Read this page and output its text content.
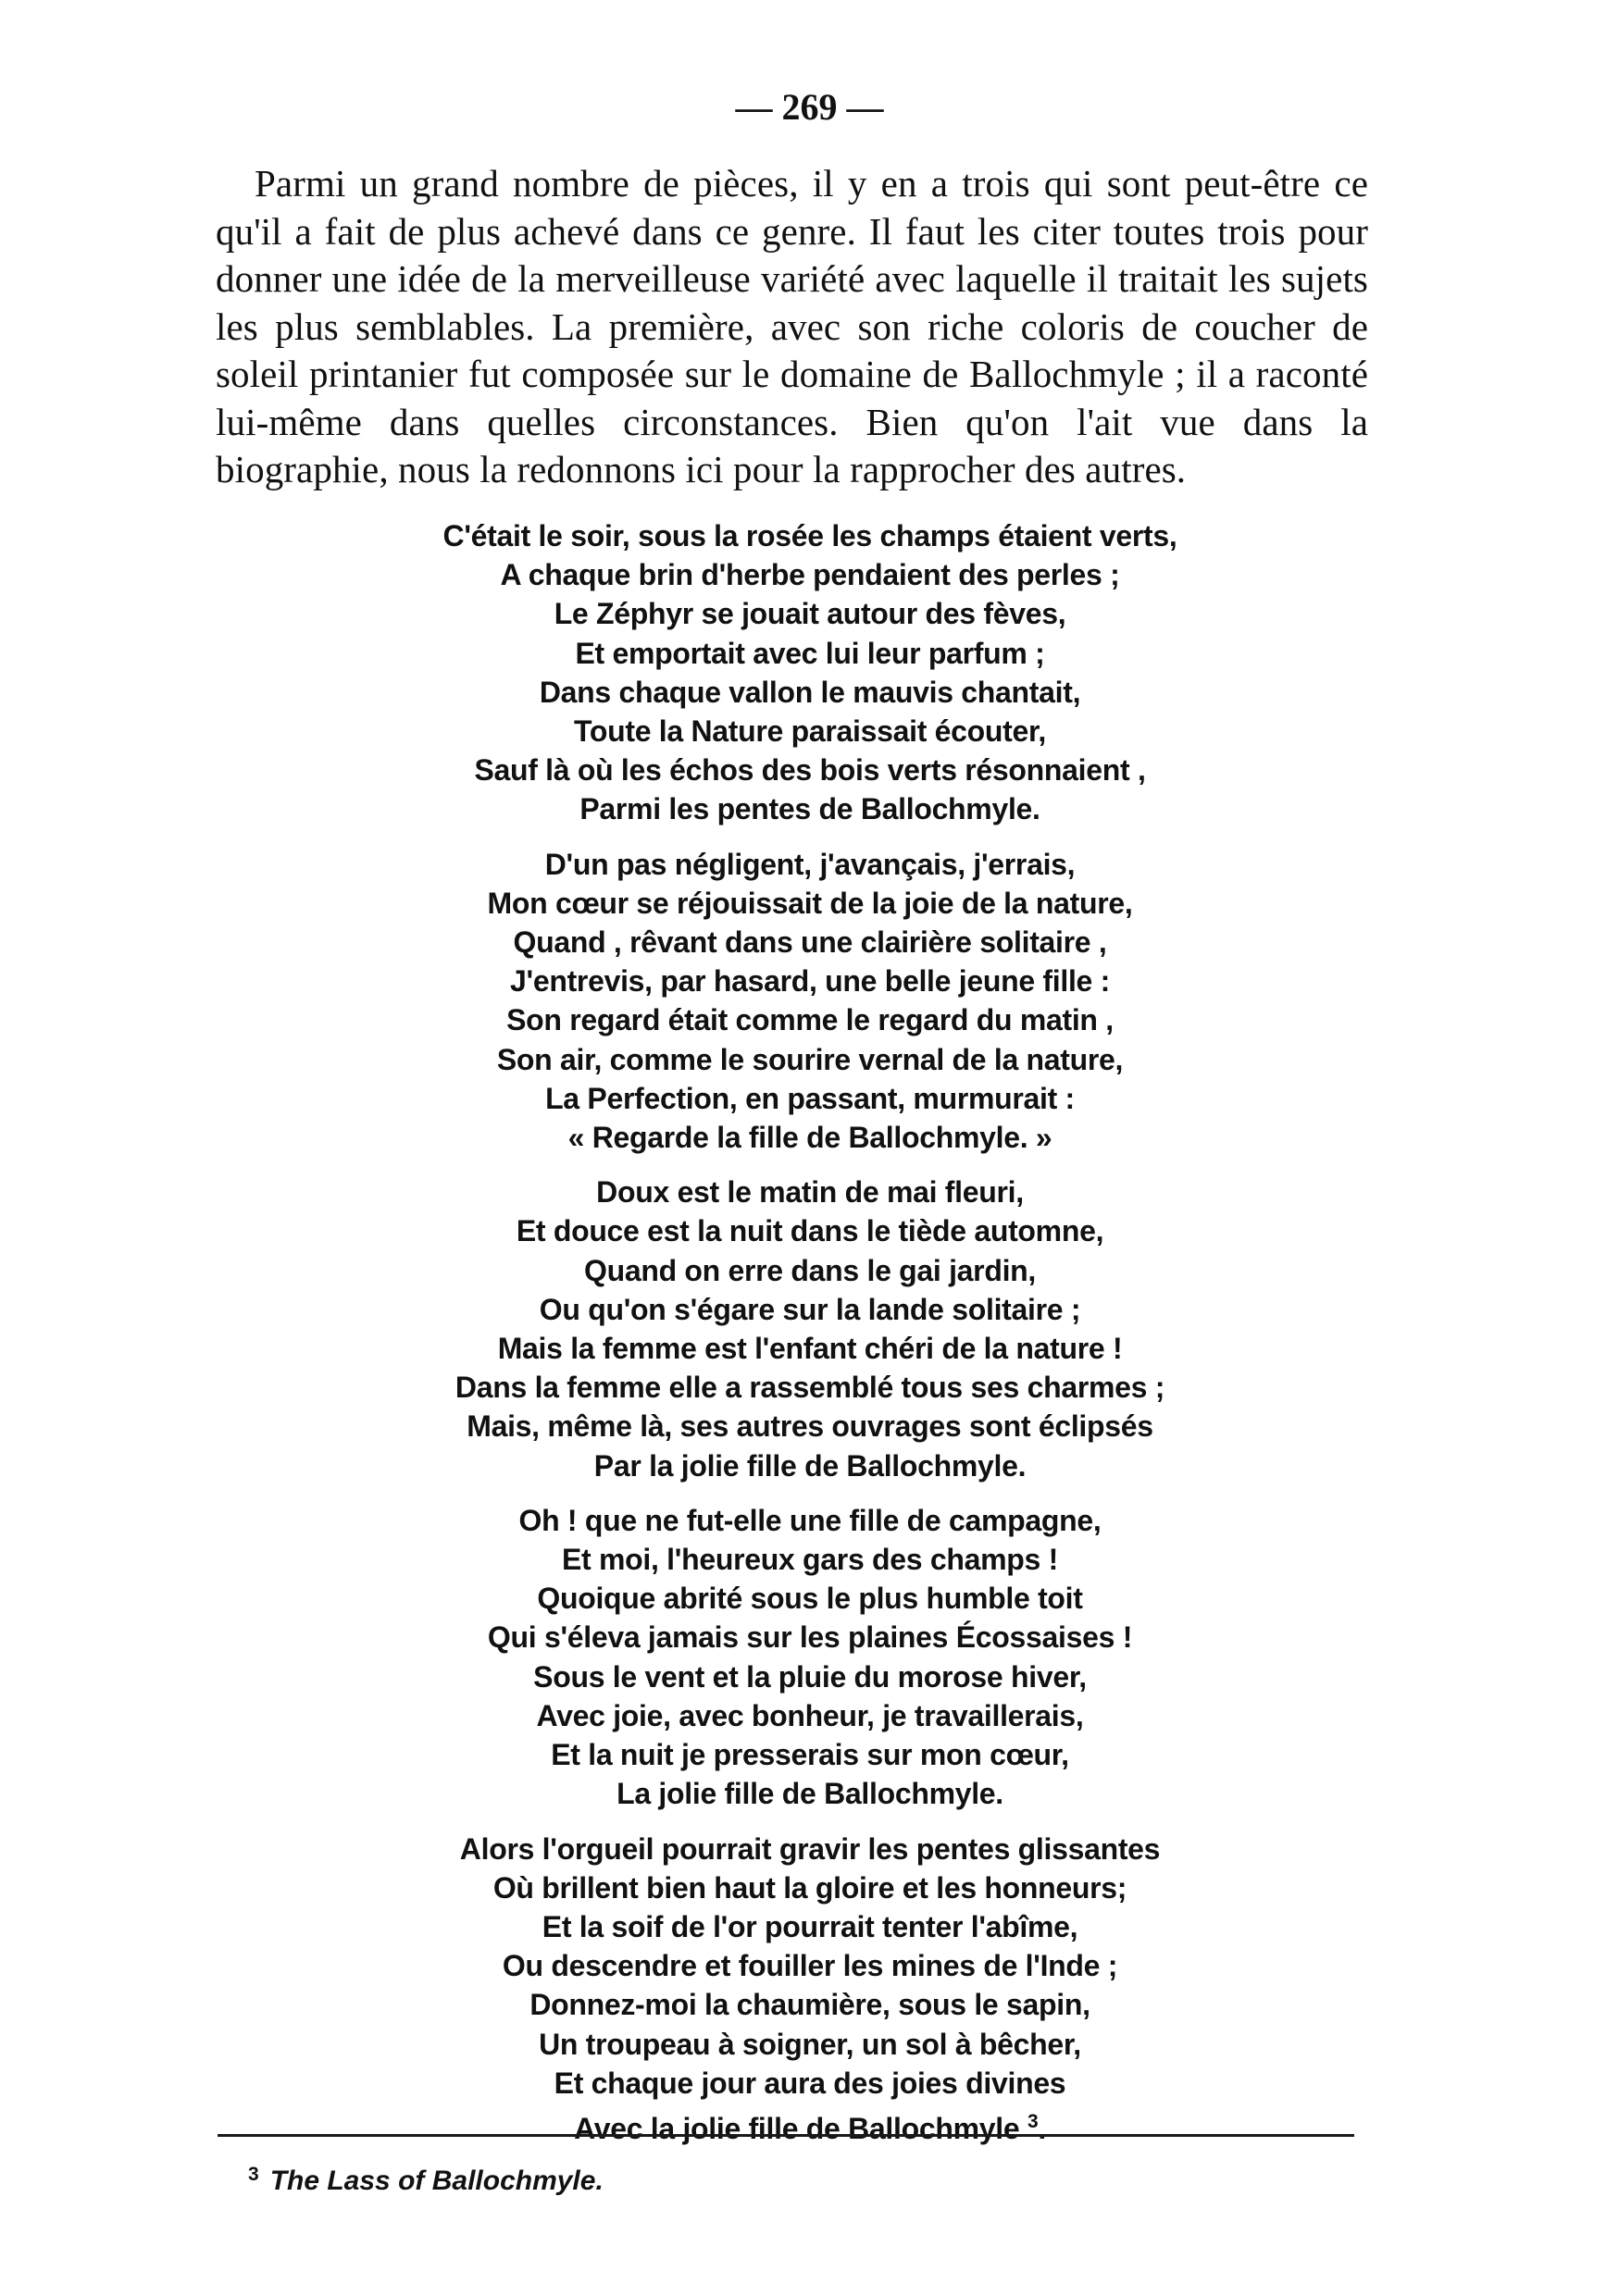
— 269 —

Parmi un grand nombre de pièces, il y en a trois qui sont peut-être ce qu'il a fait de plus achevé dans ce genre. Il faut les citer toutes trois pour donner une idée de la merveilleuse variété avec laquelle il traitait les sujets les plus semblables. La première, avec son riche coloris de coucher de soleil printanier fut composée sur le domaine de Ballochmyle ; il a raconté lui-même dans quelles circonstances. Bien qu'on l'ait vue dans la biographie, nous la redonnons ici pour la rapprocher des autres.

C'était le soir, sous la rosée les champs étaient verts,
A chaque brin d'herbe pendaient des perles ;
Le Zéphyr se jouait autour des fèves,
Et emportait avec lui leur parfum ;
Dans chaque vallon le mauvis chantait,
Toute la Nature paraissait écouter,
Sauf là où les échos des bois verts résonnaient ,
Parmi les pentes de Ballochmyle.
D'un pas négligent, j'avançais, j'errais,
Mon cœur se réjouissait de la joie de la nature,
Quand , rêvant dans une clairière solitaire ,
J'entrevis, par hasard, une belle jeune fille :
Son regard était comme le regard du matin ,
Son air, comme le sourire vernal de la nature,
La Perfection, en passant, murmurait :
« Regarde la fille de Ballochmyle. »
Doux est le matin de mai fleuri,
Et douce est la nuit dans le tiède automne,
Quand on erre dans le gai jardin,
Ou qu'on s'égare sur la lande solitaire ;
Mais la femme est l'enfant chéri de la nature !
Dans la femme elle a rassemblé tous ses charmes ;
Mais, même là, ses autres ouvrages sont éclipsés
Par la jolie fille de Ballochmyle.
Oh ! que ne fut-elle une fille de campagne,
Et moi, l'heureux gars des champs !
Quoique abrité sous le plus humble toit
Qui s'éleva jamais sur les plaines Écossaises !
Sous le vent et la pluie du morose hiver,
Avec joie, avec bonheur, je travaillerais,
Et la nuit je presserais sur mon cœur,
La jolie fille de Ballochmyle.
Alors l'orgueil pourrait gravir les pentes glissantes
Où brillent bien haut la gloire et les honneurs;
Et la soif de l'or pourrait tenter l'abîme,
Ou descendre et fouiller les mines de l'Inde ;
Donnez-moi la chaumière, sous le sapin,
Un troupeau à soigner, un sol à bêcher,
Et chaque jour aura des joies divines
Avec la jolie fille de Ballochmyle $^3$.
$^3$ The Lass of Ballochmyle.
